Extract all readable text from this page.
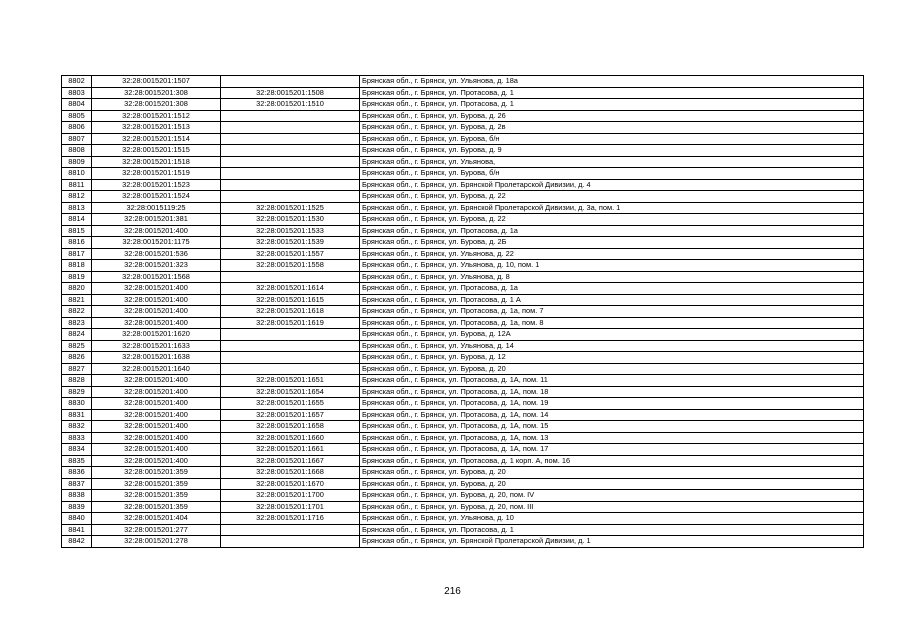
8802	32:28:0015201:1507		Брянская обл., г. Брянск, ул. Ульянова, д. 18а
8803	32:28:0015201:308	32:28:0015201:1508	Брянская обл., г. Брянск, ул. Протасова, д. 1
8804	32:28:0015201:308	32:28:0015201:1510	Брянская обл., г. Брянск, ул. Протасова, д. 1
8805	32:28:0015201:1512		Брянская обл., г. Брянск, ул. Бурова, д. 26
8806	32:28:0015201:1513		Брянская обл., г. Брянск, ул. Бурова, д. 2в
8807	32:28:0015201:1514		Брянская обл., г. Брянск, ул. Бурова, б/н
8808	32:28:0015201:1515		Брянская обл., г. Брянск, ул. Бурова, д. 9
8809	32:28:0015201:1518		Брянская обл., г. Брянск, ул. Ульянова,
8810	32:28:0015201:1519		Брянская обл., г. Брянск, ул. Бурова, б/н
8811	32:28:0015201:1523		Брянская обл., г. Брянск, ул. Брянской Пролетарской Дивизии, д. 4
8812	32:28:0015201:1524		Брянская обл., г. Брянск, ул. Бурова, д. 22
8813	32:28:0015119:25	32:28:0015201:1525	Брянская обл., г. Брянск, ул. Брянской Пролетарской Дивизии, д. 3а, пом. 1
8814	32:28:0015201:381	32:28:0015201:1530	Брянская обл., г. Брянск, ул. Бурова, д. 22
8815	32:28:0015201:400	32:28:0015201:1533	Брянская обл., г. Брянск, ул. Протасова, д. 1а
8816	32:28:0015201:1175	32:28:0015201:1539	Брянская обл., г. Брянск, ул. Бурова, д. 2Б
8817	32:28:0015201:536	32:28:0015201:1557	Брянская обл., г. Брянск, ул. Ульянова, д. 22
8818	32:28:0015201:323	32:28:0015201:1558	Брянская обл., г. Брянск, ул. Ульянова, д. 10, пом. 1
8819	32:28:0015201:1568		Брянская обл., г. Брянск, ул. Ульянова, д. 8
8820	32:28:0015201:400	32:28:0015201:1614	Брянская обл., г. Брянск, ул. Протасова, д. 1а
8821	32:28:0015201:400	32:28:0015201:1615	Брянская обл., г. Брянск, ул. Протасова, д. 1 А
8822	32:28:0015201:400	32:28:0015201:1618	Брянская обл., г. Брянск, ул. Протасова, д. 1а, пом. 7
8823	32:28:0015201:400	32:28:0015201:1619	Брянская обл., г. Брянск, ул. Протасова, д. 1а, пом. 8
8824	32:28:0015201:1620		Брянская обл., г. Брянск, ул. Бурова, д. 12А
8825	32:28:0015201:1633		Брянская обл., г. Брянск, ул. Ульянова, д. 14
8826	32:28:0015201:1638		Брянская обл., г. Брянск, ул. Бурова, д. 12
8827	32:28:0015201:1640		Брянская обл., г. Брянск, ул. Бурова, д. 20
8828	32:28:0015201:400	32:28:0015201:1651	Брянская обл., г. Брянск, ул. Протасова, д. 1А, пом. 11
8829	32:28:0015201:400	32:28:0015201:1654	Брянская обл., г. Брянск, ул. Протасова, д. 1А, пом. 18
8830	32:28:0015201:400	32:28:0015201:1655	Брянская обл., г. Брянск, ул. Протасова, д. 1А, пом. 19
8831	32:28:0015201:400	32:28:0015201:1657	Брянская обл., г. Брянск, ул. Протасова, д. 1А, пом. 14
8832	32:28:0015201:400	32:28:0015201:1658	Брянская обл., г. Брянск, ул. Протасова, д. 1А, пом. 15
8833	32:28:0015201:400	32:28:0015201:1660	Брянская обл., г. Брянск, ул. Протасова, д. 1А, пом. 13
8834	32:28:0015201:400	32:28:0015201:1661	Брянская обл., г. Брянск, ул. Протасова, д. 1А, пом. 17
8835	32:28:0015201:400	32:28:0015201:1667	Брянская обл., г. Брянск, ул. Протасова, д. 1 корп. А, пом. 16
8836	32:28:0015201:359	32:28:0015201:1668	Брянская обл., г. Брянск, ул. Бурова, д. 20
8837	32:28:0015201:359	32:28:0015201:1670	Брянская обл., г. Брянск, ул. Бурова, д. 20
8838	32:28:0015201:359	32:28:0015201:1700	Брянская обл., г. Брянск, ул. Бурова, д. 20, пом. IV
8839	32:28:0015201:359	32:28:0015201:1701	Брянская обл., г. Брянск, ул. Бурова, д. 20, пом. III
8840	32:28:0015201:404	32:28:0015201:1716	Брянская обл., г. Брянск, ул. Ульянова, д. 10
8841	32:28:0015201:277		Брянская обл., г. Брянск, ул. Протасова, д. 1
8842	32:28:0015201:278		Брянская обл., г. Брянск, ул. Брянской Пролетарской Дивизии, д. 1
216
